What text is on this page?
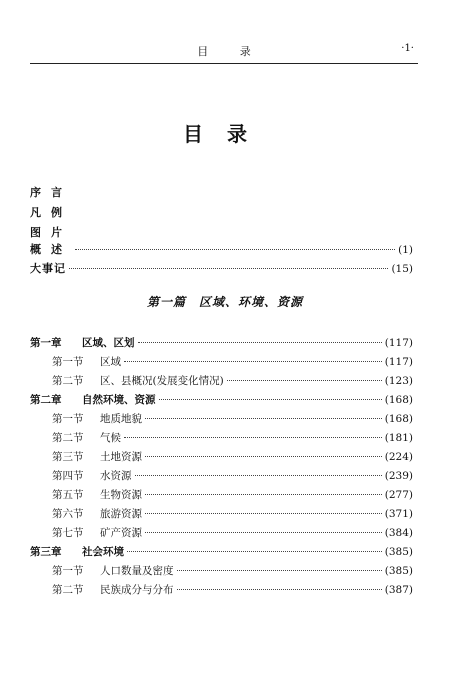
目 录	·1·
目录
序言
凡例
图片
概述	(1)
大事记	(15)
第一篇　区域、环境、资源
第一章	区域、区划	(117)
第一节	区域	(117)
第二节	区、县概况(发展变化情况)	(123)
第二章	自然环境、资源	(168)
第一节	地质地貌	(168)
第二节	气候	(181)
第三节	土地资源	(224)
第四节	水资源	(239)
第五节	生物资源	(277)
第六节	旅游资源	(371)
第七节	矿产资源	(384)
第三章	社会环境	(385)
第一节	人口数量及密度	(385)
第二节	民族成分与分布	(387)
